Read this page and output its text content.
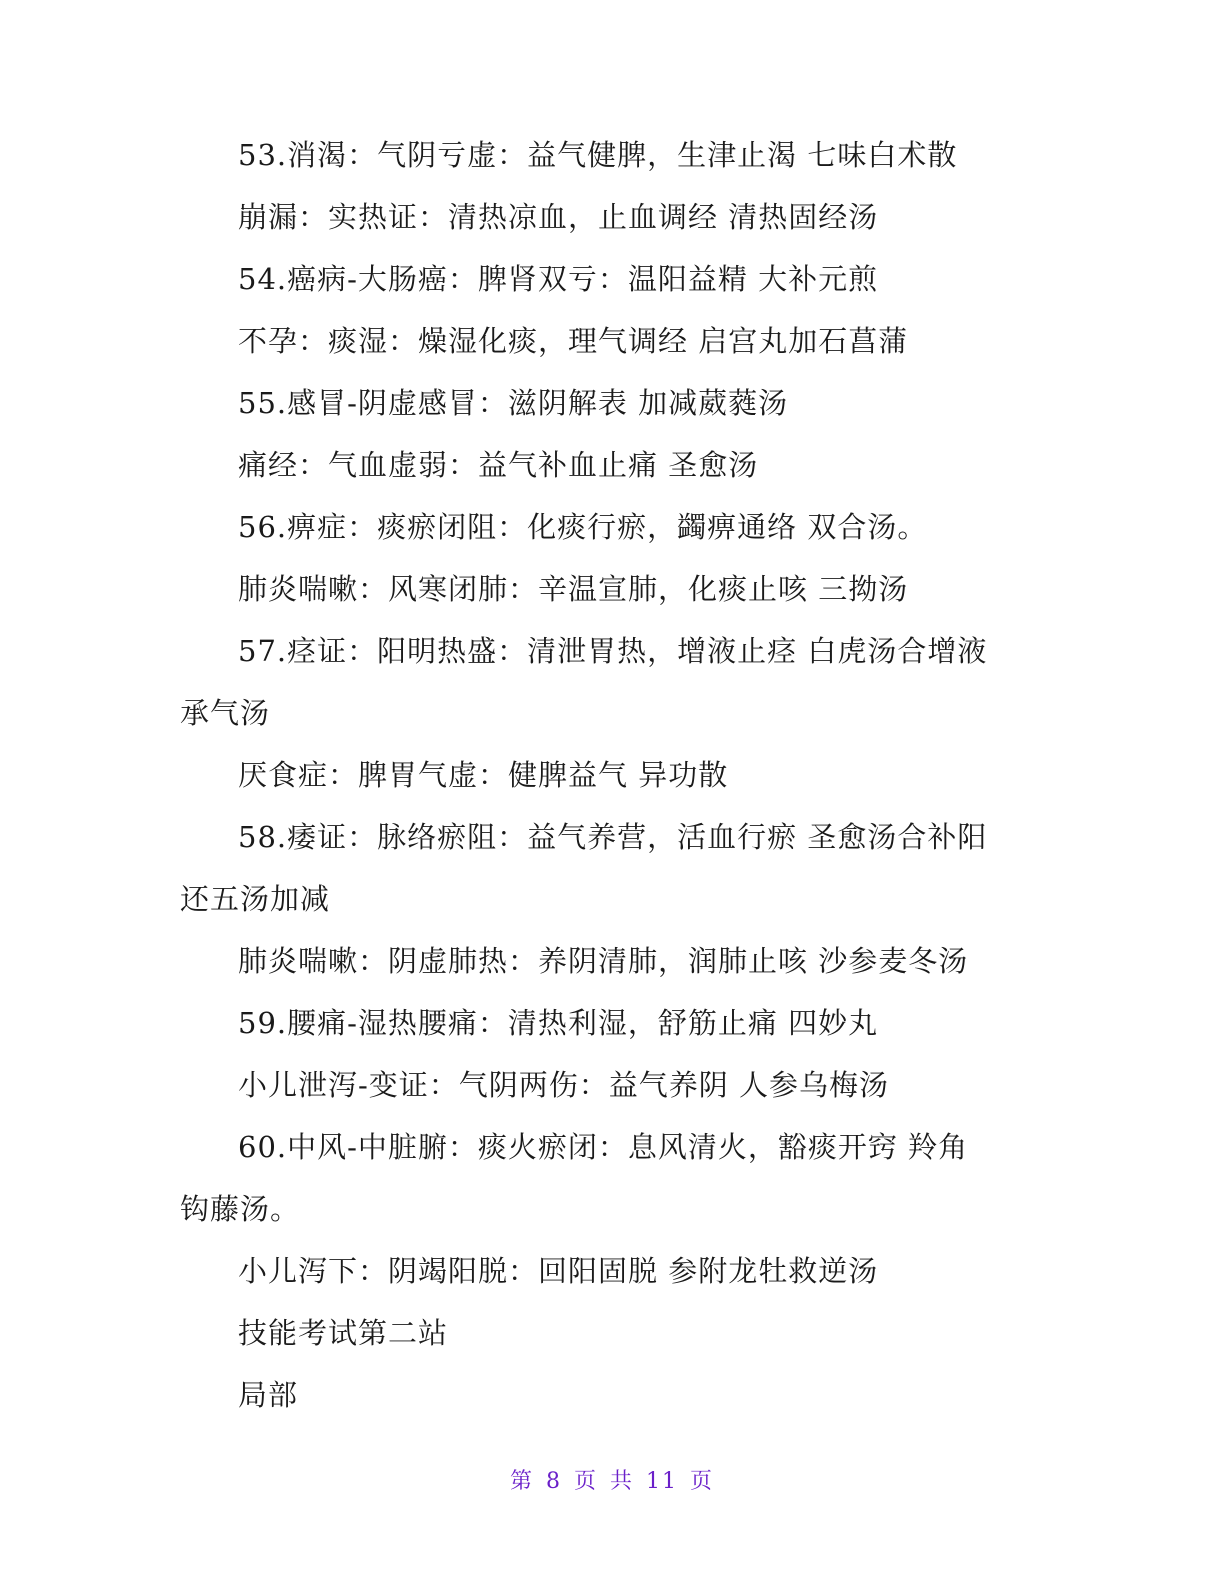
53.消渴：气阴亏虚：益气健脾，生津止渴 七味白术散
崩漏：实热证：清热凉血，止血调经 清热固经汤
54.癌病-大肠癌：脾肾双亏：温阳益精 大补元煎
不孕：痰湿：燥湿化痰，理气调经 启宫丸加石菖蒲
55.感冒-阴虚感冒：滋阴解表 加减葳蕤汤
痛经：气血虚弱：益气补血止痛 圣愈汤
56.痹症：痰瘀闭阻：化痰行瘀，蠲痹通络 双合汤。
肺炎喘嗽：风寒闭肺：辛温宣肺，化痰止咳 三拗汤
57.痉证：阳明热盛：清泄胃热，增液止痉 白虎汤合增液
承气汤
厌食症：脾胃气虚：健脾益气 异功散
58.痿证：脉络瘀阻：益气养营，活血行瘀 圣愈汤合补阳
还五汤加减
肺炎喘嗽：阴虚肺热：养阴清肺，润肺止咳 沙参麦冬汤
59.腰痛-湿热腰痛：清热利湿，舒筋止痛 四妙丸
小儿泄泻-变证：气阴两伤：益气养阴 人参乌梅汤
60.中风-中脏腑：痰火瘀闭：息风清火，豁痰开窍 羚角
钩藤汤。
小儿泻下：阴竭阳脱：回阳固脱 参附龙牡救逆汤
技能考试第二站
局部
第 8 页 共 11 页
